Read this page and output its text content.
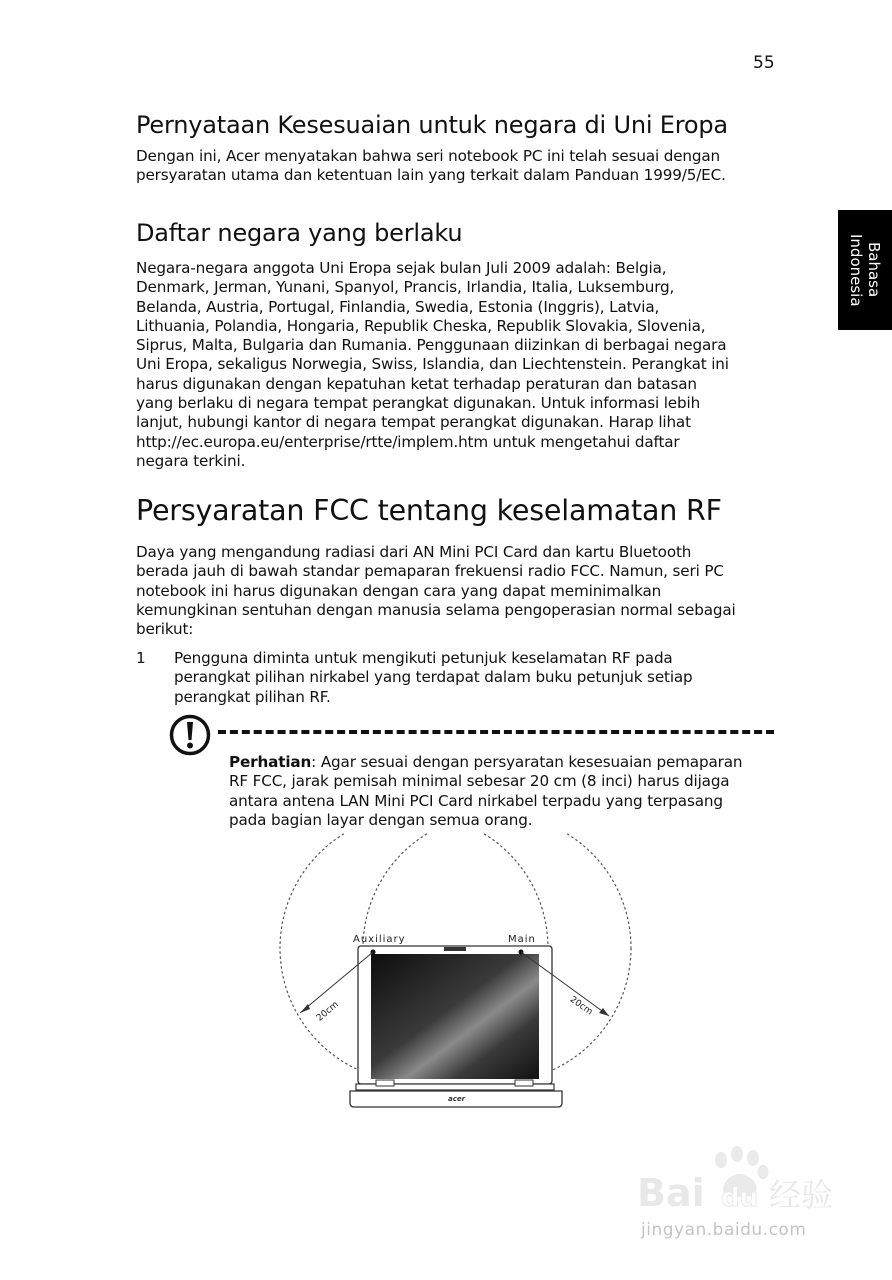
55
Bahasa
Indonesia
Pernyataan Kesesuaian untuk negara di Uni Eropa

Dengan ini, Acer menyatakan bahwa seri notebook PC ini telah sesuai dengan

persyaratan utama dan ketentuan lain yang terkait dalam Panduan 1999/5/EC.

Daftar negara yang berlaku

Negara-negara anggota Uni Eropa sejak bulan Juli 2009 adalah: Belgia,

Denmark, Jerman, Yunani, Spanyol, Prancis, Irlandia, Italia, Luksemburg,

Belanda, Austria, Portugal, Finlandia, Swedia, Estonia (Inggris), Latvia,

Lithuania, Polandia, Hongaria, Republik Cheska, Republik Slovakia, Slovenia,

Siprus, Malta, Bulgaria dan Rumania. Penggunaan diizinkan di berbagai negara

Uni Eropa, sekaligus Norwegia, Swiss, Islandia, dan Liechtenstein. Perangkat ini

harus digunakan dengan kepatuhan ketat terhadap peraturan dan batasan

yang berlaku di negara tempat perangkat digunakan. Untuk informasi lebih

lanjut, hubungi kantor di negara tempat perangkat digunakan. Harap lihat

http://ec.europa.eu/enterprise/rtte/implem.htm untuk mengetahui daftar

negara terkini.

Persyaratan FCC tentang keselamatan RF

Daya yang mengandung radiasi dari AN Mini PCI Card dan kartu Bluetooth

berada jauh di bawah standar pemaparan frekuensi radio FCC. Namun, seri PC

notebook ini harus digunakan dengan cara yang dapat meminimalkan

kemungkinan sentuhan dengan manusia selama pengoperasian normal sebagai

berikut:

1 Pengguna diminta untuk mengikuti petunjuk keselamatan RF pada

perangkat pilihan nirkabel yang terdapat dalam buku petunjuk setiap

perangkat pilihan RF.

Perhatian: Agar sesuai dengan persyaratan kesesuaian pemaparan

RF FCC, jarak pemisah minimal sebesar 20 cm (8 inci) harus dijaga

antara antena LAN Mini PCI Card nirkabel terpadu yang terpasang

pada bagian layar dengan semua orang.

Auxiliary	Main
20cm	20cm
acer
Bai du 经验
jingyan.baidu.com
